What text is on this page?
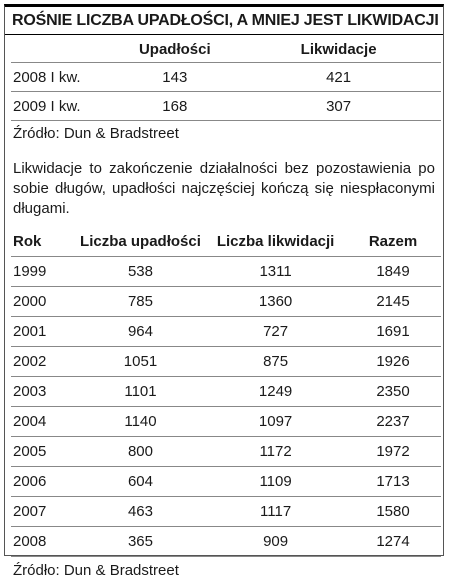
ROŚNIE LICZBA UPADŁOŚCI, A MNIEJ JEST LIKWIDACJI
	Upadłości	Likwidacje
2008 I kw.	143	421
2009 I kw.	168	307
Źródło: Dun & Bradstreet
Likwidacje to zakończenie działalności bez pozostawienia po sobie długów, upadłości najczęściej kończą się niespłaconymi długami.
Rok	Liczba upadłości	Liczba likwidacji	Razem
1999	538	1311	1849
2000	785	1360	2145
2001	964	727	1691
2002	1051	875	1926
2003	1101	1249	2350
2004	1140	1097	2237
2005	800	1172	1972
2006	604	1109	1713
2007	463	1117	1580
2008	365	909	1274
Źródło: Dun & Bradstreet
